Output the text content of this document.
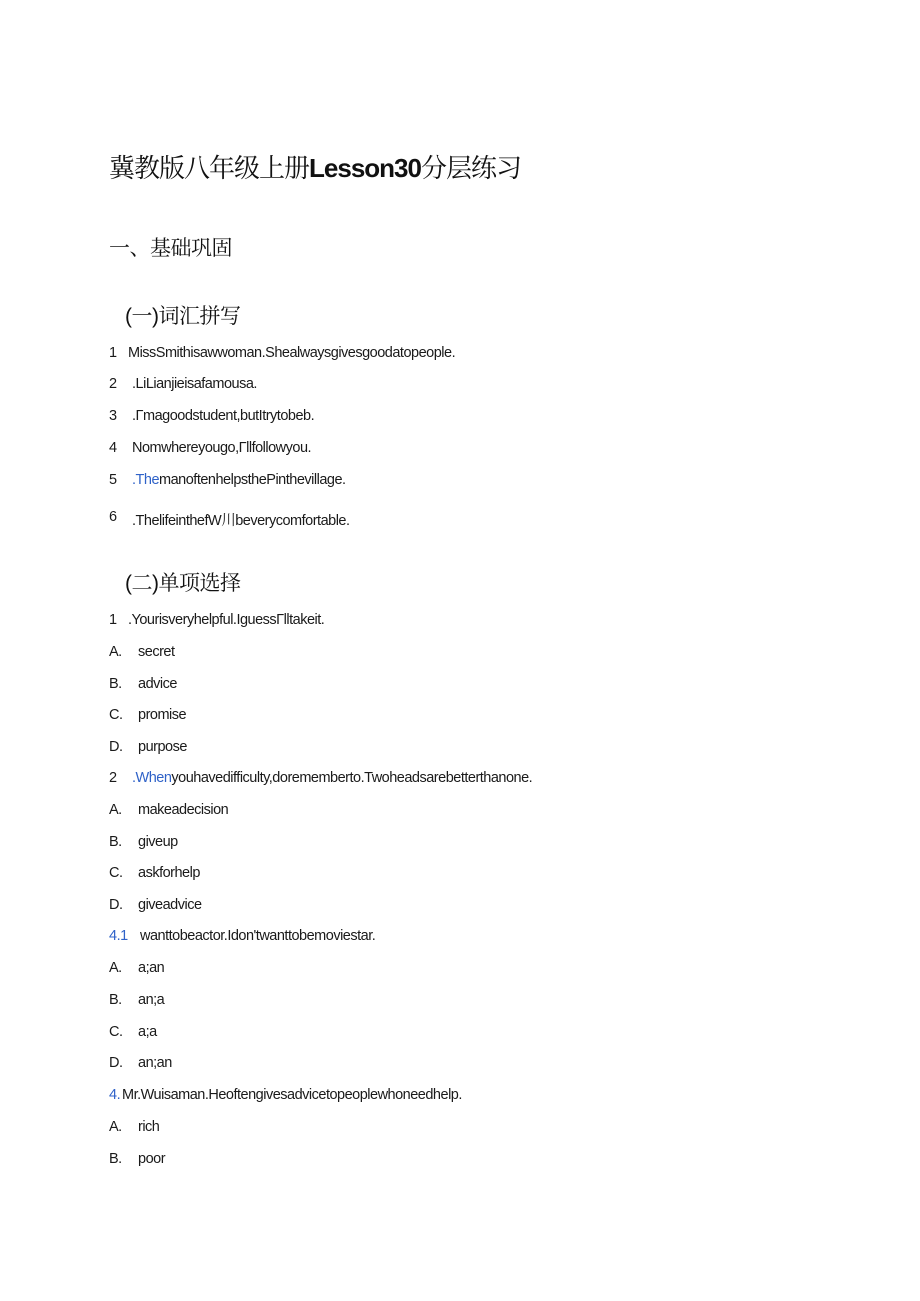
冀教版八年级上册Lesson30分层练习
一、基础巩固
(一)词汇拼写
1 MissSmithisawwoman.Shealwaysgivesgoodatopeople.
2 .LiLianjieisafamousa.
3 .Γmagoodstudent,butItrytobeb.
4 Nomwhereyougo,Γllfollowyou.
5 .ThemanoftenhelpsthePinthevillage.
6 .ThelifeinthefW川beverycomfortable.
(二)单项选择
1 .Yourisveryhelpful.IguessΓlltakeit.
A. secret
B. advice
C. promise
D. purpose
2 .Whenyouhavedifficulty,doremembertо.Twoheadsarebetterthanone.
A. makeadecision
B. giveup
C. askforhelp
D. giveadvice
4.1 wanttobeactor.Idon'twanttobemoviestar.
A. a;an
B. an;a
C. a;a
D. an;an
4. Mr.Wuisaman.Heoftengivesadvicetopeoplewhoneedhelp.
A. rich
B. poor
